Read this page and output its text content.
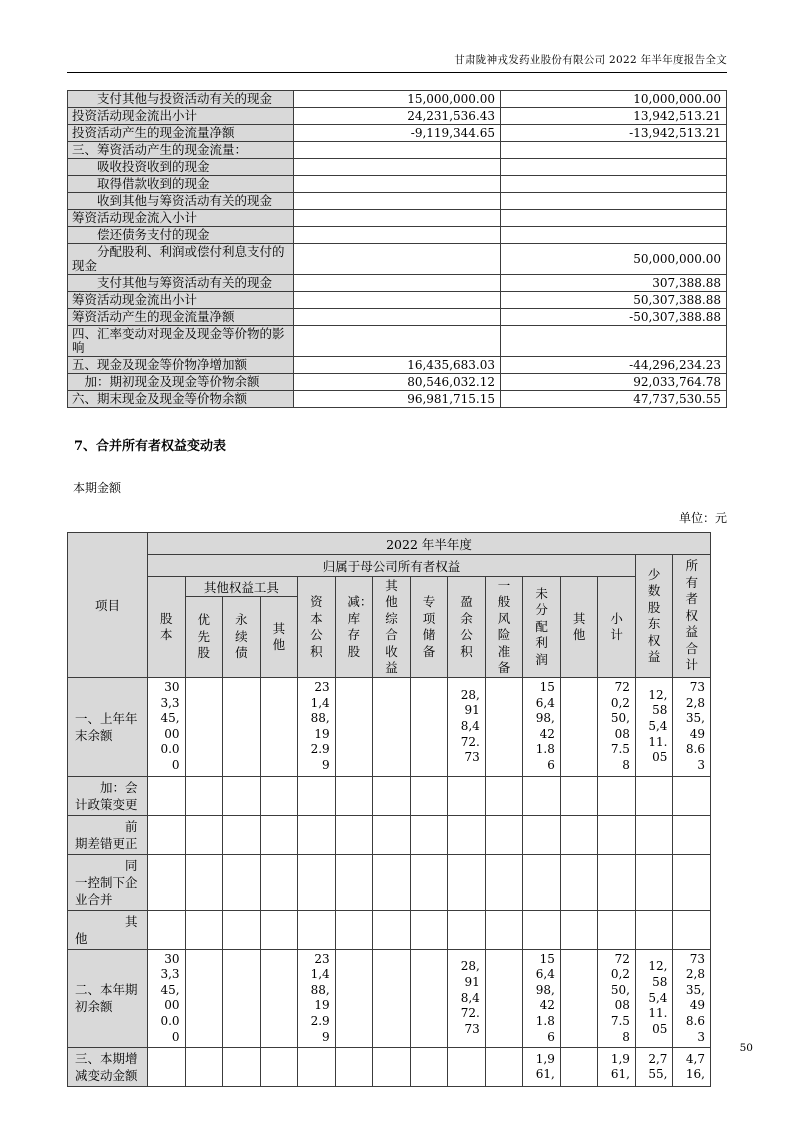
甘肃陇神戎发药业股份有限公司 2022 年半年度报告全文
　　支付其他与投资活动有关的现金	15,000,000.00	10,000,000.00
投资活动现金流出小计	24,231,536.43	13,942,513.21
投资活动产生的现金流量净额	-9,119,344.65	-13,942,513.21
三、筹资活动产生的现金流量：		
　　吸收投资收到的现金		
　　取得借款收到的现金		
　　收到其他与筹资活动有关的现金		
筹资活动现金流入小计		
　　偿还债务支付的现金		
　　分配股利、利润或偿付利息支付的现金		50,000,000.00
　　支付其他与筹资活动有关的现金		307,388.88
筹资活动现金流出小计		50,307,388.88
筹资活动产生的现金流量净额		-50,307,388.88
四、汇率变动对现金及现金等价物的影响		
五、现金及现金等价物净增加额	16,435,683.03	-44,296,234.23
　加：期初现金及现金等价物余额	80,546,032.12	92,033,764.78
六、期末现金及现金等价物余额	96,981,715.15	47,737,530.55
7、合并所有者权益变动表
本期金额
单位：元
项目	2022 年半年度														
	归属于母公司所有者权益													少数股东权益	所有者权益合计
	股本	其他权益工具			资本公积	减：库存股	其他综合收益	专项储备	盈余公积	一般风险准备	未分配利润	其他	小计		
		优先股	永续债	其他											
一、上年年末余额	303,345,000.00				231,488,192.99				28,918,472.73		156,498,421.86		720,250,087.58	12,585,411.05	732,835,498.63
　　加：会计政策变更															
　　　　前期差错更正															
　　　　同一控制下企业合并															
　　　　其他															
二、本年期初余额	303,345,000.00				231,488,192.99				28,918,472.73		156,498,421.86		720,250,087.58	12,585,411.05	732,835,498.63
三、本期增减变动金额											1,961,		1,961,	2,755,	4,716,
50
